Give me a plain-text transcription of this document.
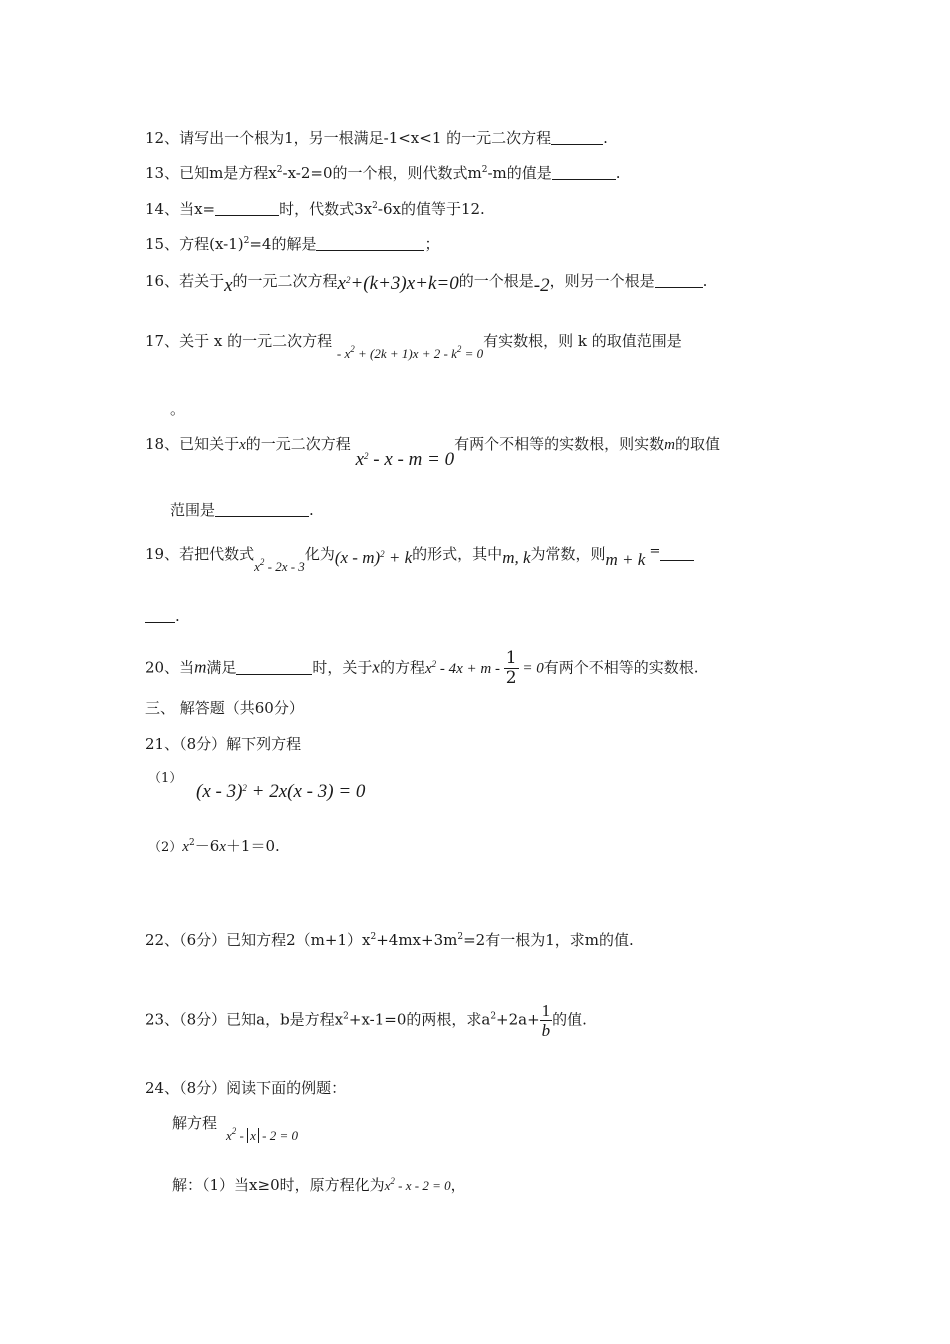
12、请写出一个根为1，另一根满足-1<x<1 的一元二次方程	.
13、已知m是方程$x^2-x-2=0$的一个根，则代数式$m^2-m$的值是	.
14、当x=	时，代数式$3x^2-6x$的值等于12.
15、方程$(x-1)^2=4$的解是	；
16、若关于x的一元二次方程$x^2+(k+3)x+k=0$的一个根是-2，则另一个根是	.
17、关于 x 的一元二次方程 - $x^2 + (2k + 1)x + 2 - k^2 = 0$有实数根，则 k 的取值范围是
。
18、已知关于x的一元二次方程 $x^2 - x - m = 0$有两个不相等的实数根，则实数m的取值
范围是	.
19、若把代数式$x^2 - 2x - 3$化为(x - m)$^2$ + k的形式，其中m, k为常数，则m + k =
.
20、当m满足	时，关于x的方程$x^2 - 4x + m - \frac{1}{2} = 0$有两个不相等的实数根.
三、 解答题（共60分）
21、（8分）解下列方程
（1）
(x - 3)$^2$ + 2x(x - 3) = 0
$(2)x^2-6x+1=0$.
22、（6分）已知方程$2(m+1)x^2+4mx+3m^2=2$有一根为1，求m的值.
23、（8分）已知a，b是方程$x^2+x-1=0$的两根，求$a^2+2a+ \frac{1}{b}$ 的值.
24、（8分）阅读下面的例题：
解方程
$x^2 - x - 2 = 0$
解：（1）当x≥0时，原方程化为$x^2 - x - 2 = 0$，
